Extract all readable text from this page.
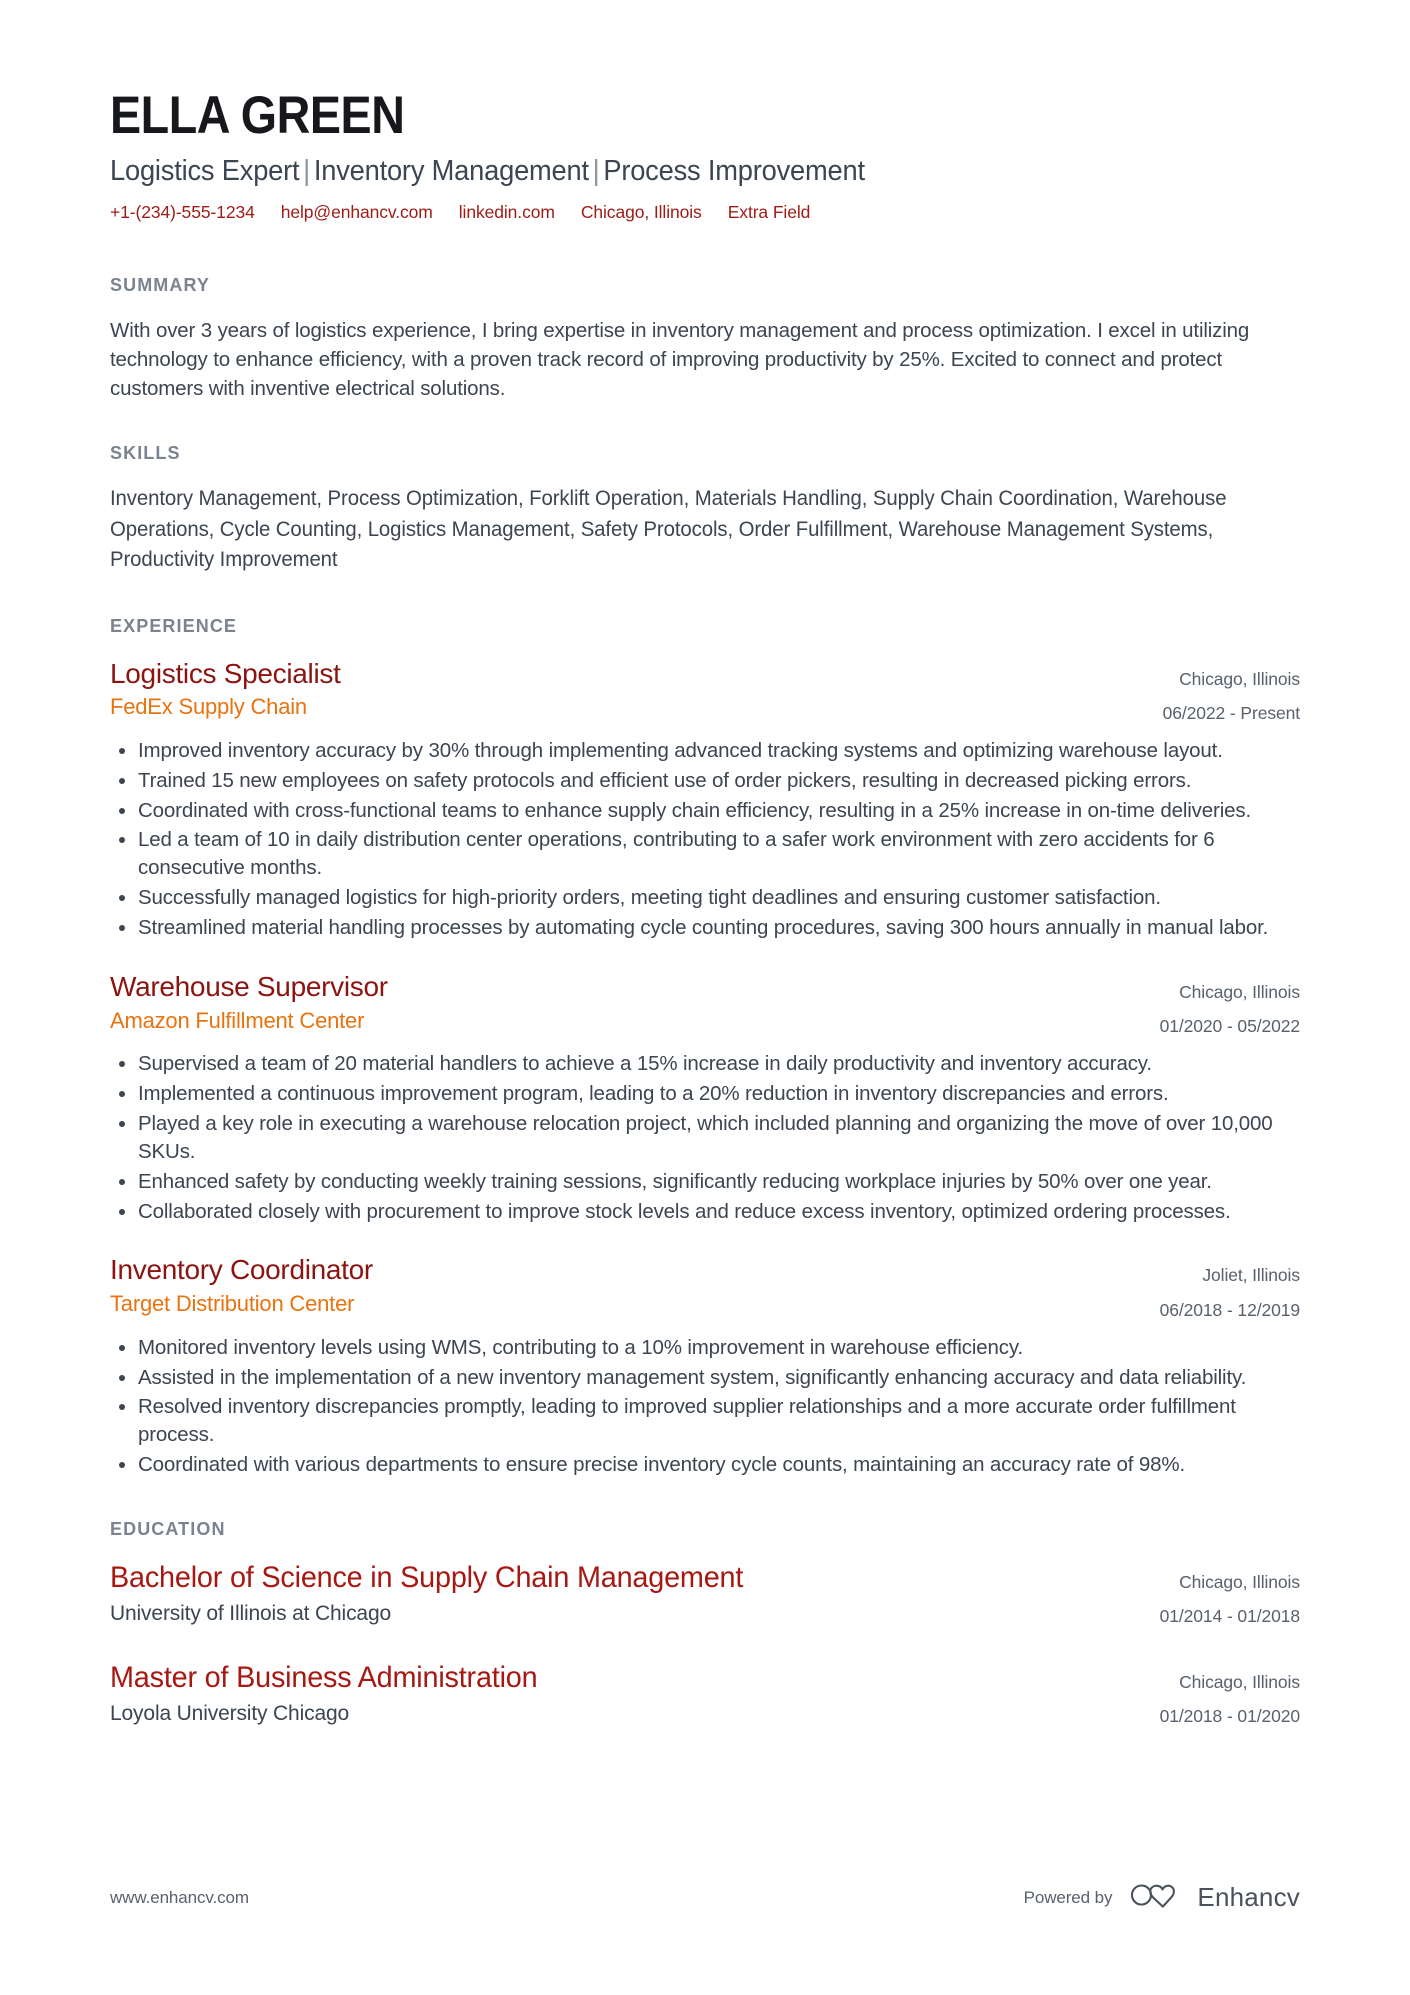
ELLA GREEN
Logistics Expert | Inventory Management | Process Improvement
+1-(234)-555-1234 help@enhancv.com linkedin.com Chicago, Illinois Extra Field
SUMMARY
With over 3 years of logistics experience, I bring expertise in inventory management and process optimization. I excel in utilizing technology to enhance efficiency, with a proven track record of improving productivity by 25%. Excited to connect and protect customers with inventive electrical solutions.
SKILLS
Inventory Management, Process Optimization, Forklift Operation, Materials Handling, Supply Chain Coordination, Warehouse Operations, Cycle Counting, Logistics Management, Safety Protocols, Order Fulfillment, Warehouse Management Systems, Productivity Improvement
EXPERIENCE
Logistics Specialist
FedEx Supply Chain
Chicago, Illinois
06/2022 - Present
Improved inventory accuracy by 30% through implementing advanced tracking systems and optimizing warehouse layout.
Trained 15 new employees on safety protocols and efficient use of order pickers, resulting in decreased picking errors.
Coordinated with cross-functional teams to enhance supply chain efficiency, resulting in a 25% increase in on-time deliveries.
Led a team of 10 in daily distribution center operations, contributing to a safer work environment with zero accidents for 6 consecutive months.
Successfully managed logistics for high-priority orders, meeting tight deadlines and ensuring customer satisfaction.
Streamlined material handling processes by automating cycle counting procedures, saving 300 hours annually in manual labor.
Warehouse Supervisor
Amazon Fulfillment Center
Chicago, Illinois
01/2020 - 05/2022
Supervised a team of 20 material handlers to achieve a 15% increase in daily productivity and inventory accuracy.
Implemented a continuous improvement program, leading to a 20% reduction in inventory discrepancies and errors.
Played a key role in executing a warehouse relocation project, which included planning and organizing the move of over 10,000 SKUs.
Enhanced safety by conducting weekly training sessions, significantly reducing workplace injuries by 50% over one year.
Collaborated closely with procurement to improve stock levels and reduce excess inventory, optimized ordering processes.
Inventory Coordinator
Target Distribution Center
Joliet, Illinois
06/2018 - 12/2019
Monitored inventory levels using WMS, contributing to a 10% improvement in warehouse efficiency.
Assisted in the implementation of a new inventory management system, significantly enhancing accuracy and data reliability.
Resolved inventory discrepancies promptly, leading to improved supplier relationships and a more accurate order fulfillment process.
Coordinated with various departments to ensure precise inventory cycle counts, maintaining an accuracy rate of 98%.
EDUCATION
Bachelor of Science in Supply Chain Management
University of Illinois at Chicago
Chicago, Illinois
01/2014 - 01/2018
Master of Business Administration
Loyola University Chicago
Chicago, Illinois
01/2018 - 01/2020
www.enhancv.com	Powered by	Enhancv
